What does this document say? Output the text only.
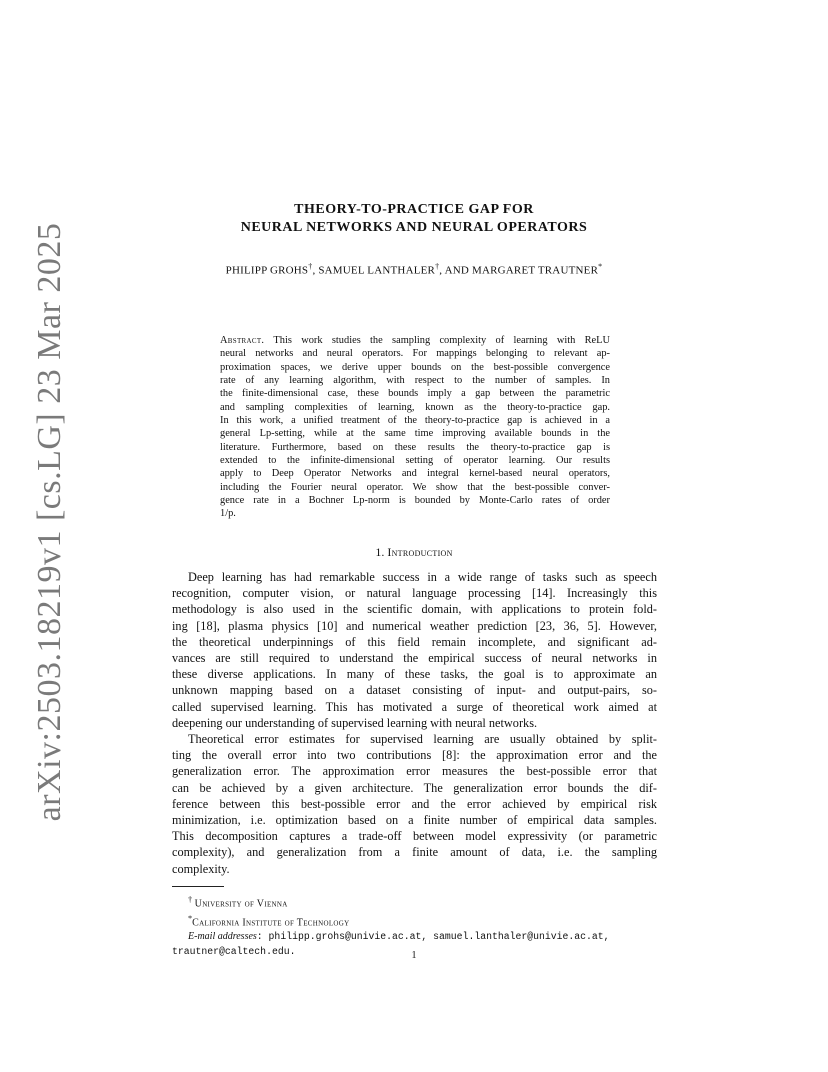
arXiv:2503.18219v1 [cs.LG] 23 Mar 2025
THEORY-TO-PRACTICE GAP FOR
NEURAL NETWORKS AND NEURAL OPERATORS
PHILIPP GROHS†, SAMUEL LANTHALER†, AND MARGARET TRAUTNER*
Abstract. This work studies the sampling complexity of learning with ReLU
neural networks and neural operators. For mappings belonging to relevant ap-
proximation spaces, we derive upper bounds on the best-possible convergence
rate of any learning algorithm, with respect to the number of samples. In
the finite-dimensional case, these bounds imply a gap between the parametric
and sampling complexities of learning, known as the theory-to-practice gap.
In this work, a unified treatment of the theory-to-practice gap is achieved in a
general Lp-setting, while at the same time improving available bounds in the
literature. Furthermore, based on these results the theory-to-practice gap is
extended to the infinite-dimensional setting of operator learning. Our results
apply to Deep Operator Networks and integral kernel-based neural operators,
including the Fourier neural operator. We show that the best-possible conver-
gence rate in a Bochner Lp-norm is bounded by Monte-Carlo rates of order
1/p.
1. Introduction
Deep learning has had remarkable success in a wide range of tasks such as speech
recognition, computer vision, or natural language processing [14]. Increasingly this
methodology is also used in the scientific domain, with applications to protein fold-
ing [18], plasma physics [10] and numerical weather prediction [23, 36, 5]. However,
the theoretical underpinnings of this field remain incomplete, and significant ad-
vances are still required to understand the empirical success of neural networks in
these diverse applications. In many of these tasks, the goal is to approximate an
unknown mapping based on a dataset consisting of input- and output-pairs, so-
called supervised learning. This has motivated a surge of theoretical work aimed at
deepening our understanding of supervised learning with neural networks.
Theoretical error estimates for supervised learning are usually obtained by split-
ting the overall error into two contributions [8]: the approximation error and the
generalization error. The approximation error measures the best-possible error that
can be achieved by a given architecture. The generalization error bounds the dif-
ference between this best-possible error and the error achieved by empirical risk
minimization, i.e. optimization based on a finite number of empirical data samples.
This decomposition captures a trade-off between model expressivity (or parametric
complexity), and generalization from a finite amount of data, i.e. the sampling
complexity.
† University of Vienna
*California Institute of Technology
E-mail addresses: philipp.grohs@univie.ac.at, samuel.lanthaler@univie.ac.at,
trautner@caltech.edu.	1
